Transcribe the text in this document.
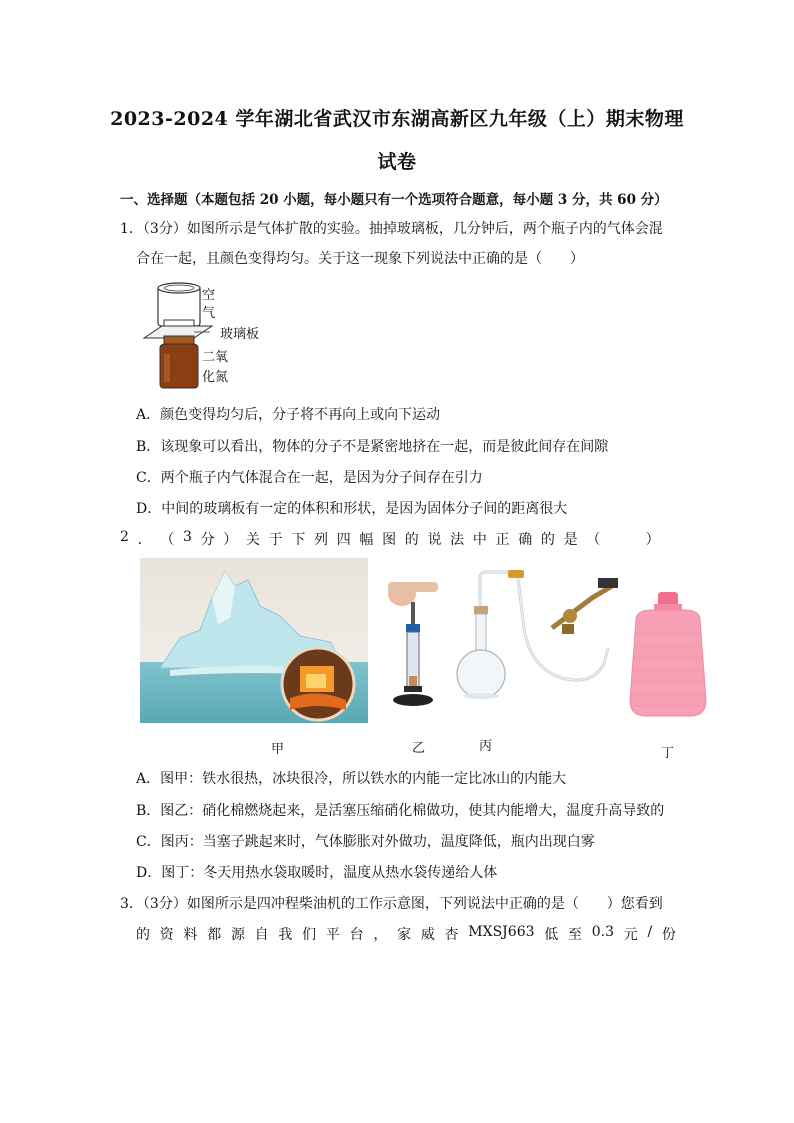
2023-2024 学年湖北省武汉市东湖高新区九年级（上）期末物理
试卷
一、选择题（本题包括 20 小题，每小题只有一个选项符合题意，每小题 3 分，共 60 分）
1．（3分）如图所示是气体扩散的实验。抽掉玻璃板，几分钟后，两个瓶子内的气体会混
合在一起，且颜色变得均匀。关于这一现象下列说法中正确的是（　　）
空
气
玻璃板
二氧
化氮
A．颜色变得均匀后，分子将不再向上或向下运动
B．该现象可以看出，物体的分子不是紧密地挤在一起，而是彼此间存在间隙
C．两个瓶子内气体混合在一起，是因为分子间存在引力
D．中间的玻璃板有一定的体积和形状，是因为固体分子间的距离很大
2 ． （ 3 分 ） 关 于 下 列 四 幅 图 的 说 法 中 正 确 的 是 （
　　	）
甲	乙	丙	丁
A．图甲：铁水很热，冰块很冷，所以铁水的内能一定比冰山的内能大
B．图乙：硝化棉燃烧起来，是活塞压缩硝化棉做功，使其内能增大，温度升高导致的
C．图丙：当塞子跳起来时，气体膨胀对外做功，温度降低，瓶内出现白雾
D．图丁：冬天用热水袋取暖时，温度从热水袋传递给人体
3．（3分）如图所示是四冲程柴油机的工作示意图，下列说法中正确的是（　　）您看到
的 资 料 都 源 自 我 们 平 台 ， 家 威 杏 MXSJ663 低 至 0.3 元 / 份
